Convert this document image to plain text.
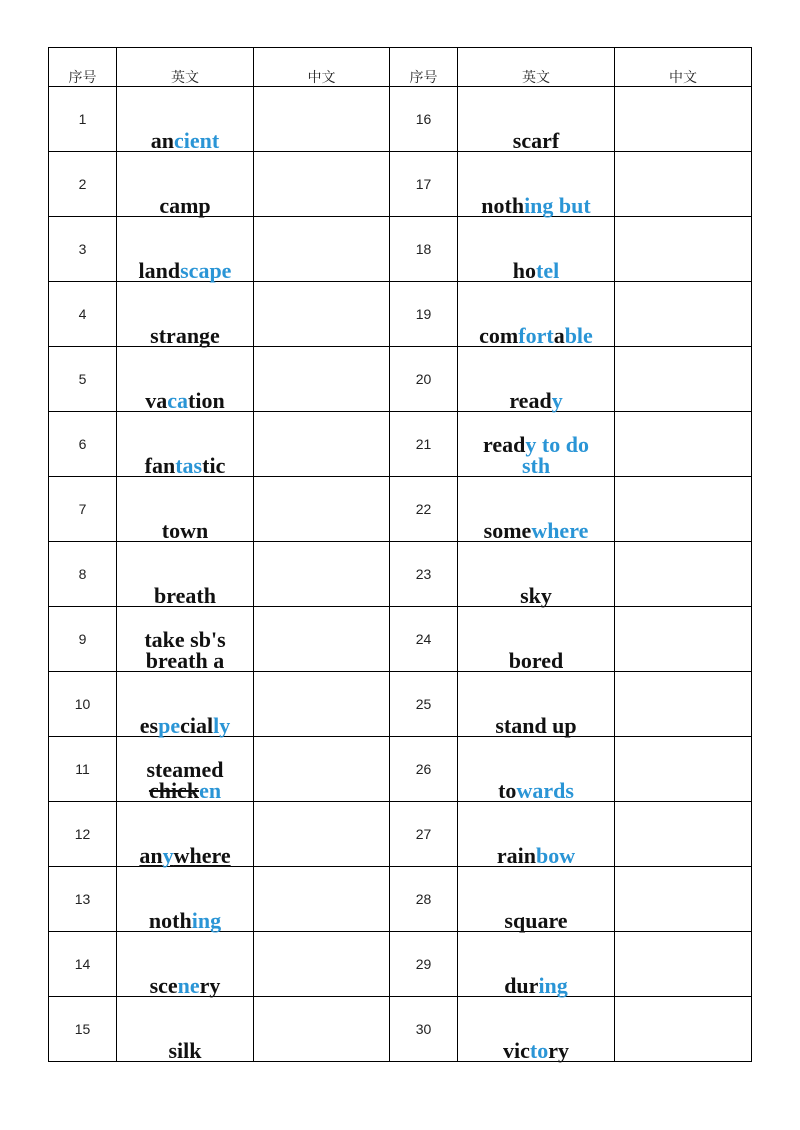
序号	英文	中文	序号	英文	中文

1	ancient		16	scarf	

2	camp		17	nothing but	

3	landscape		18	hotel	

4	strange		19	comfortable	

5	vacation		20	ready	

6	fantastic		21	ready to do
sth	

7	town		22	somewhere	

8	breath		23	sky	

9	take sb's
breath a		24	bored	

10	especially		25	stand up	

11	steamed
chicken		26	towards	

12	anywhere		27	rainbow	

13	nothing		28	square	

14	scenery		29	during	

15	silk		30	victory	
